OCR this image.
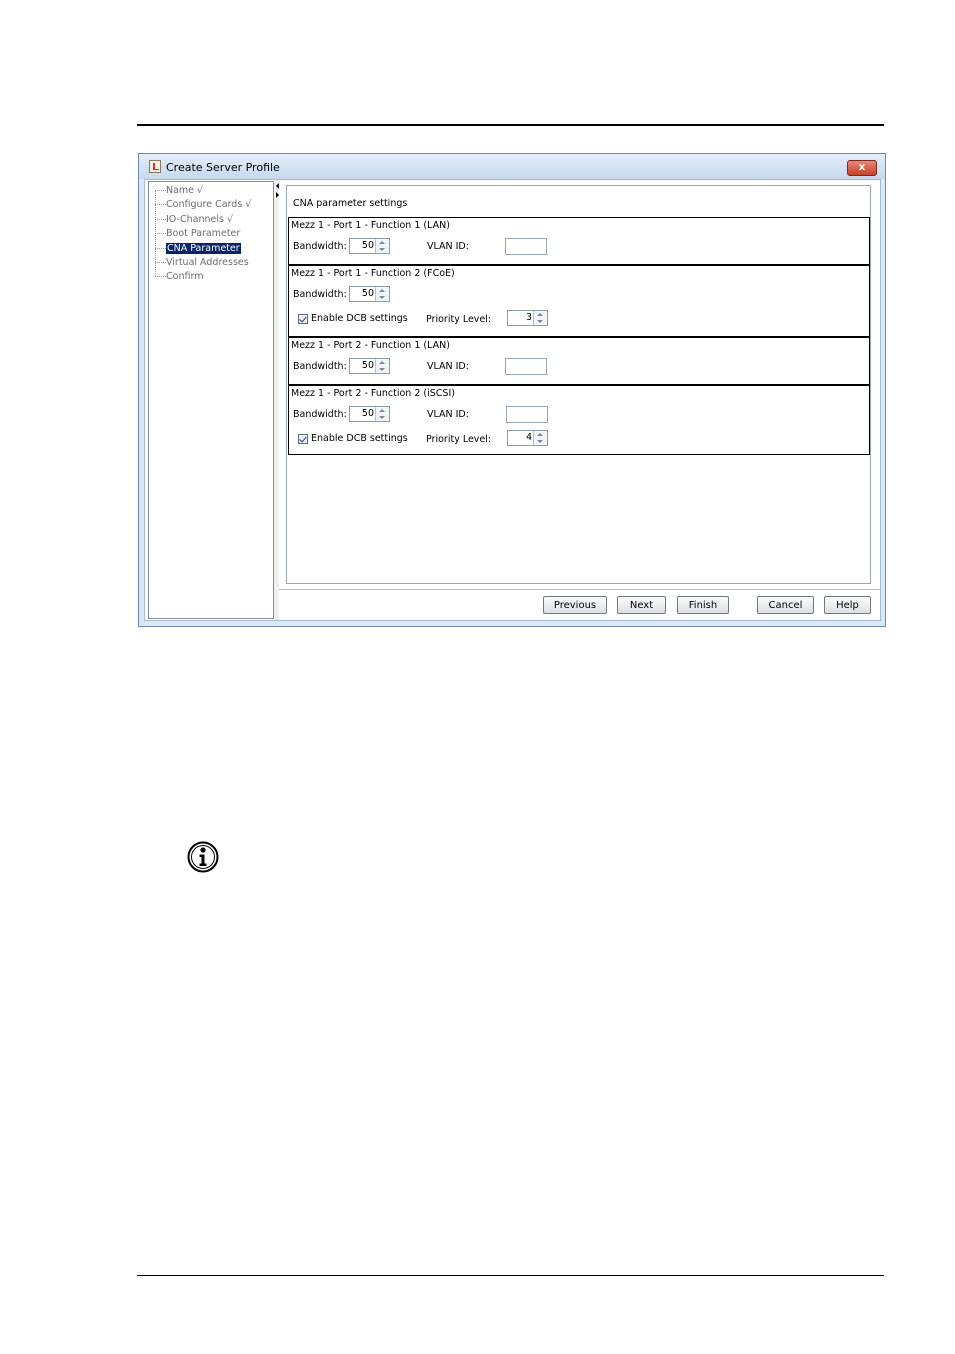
Create Server Profile	x
Name √
Configure Cards √
IO-Channels √
Boot Parameter
CNA Parameter
Virtual Addresses
Confirm
CNA parameter settings
Mezz 1 - Port 1 - Function 1 (LAN)
Bandwidth: 50	VLAN ID:
Mezz 1 - Port 1 - Function 2 (FCoE)
Bandwidth: 50
Enable DCB settings Priority Level:	3
Mezz 1 - Port 2 - Function 1 (LAN)
Bandwidth: 50	VLAN ID:
Mezz 1 - Port 2 - Function 2 (iSCSI)
Bandwidth: 50	VLAN ID:
Enable DCB settings Priority Level:	4
Previous	Next	Finish	Cancel	Help
